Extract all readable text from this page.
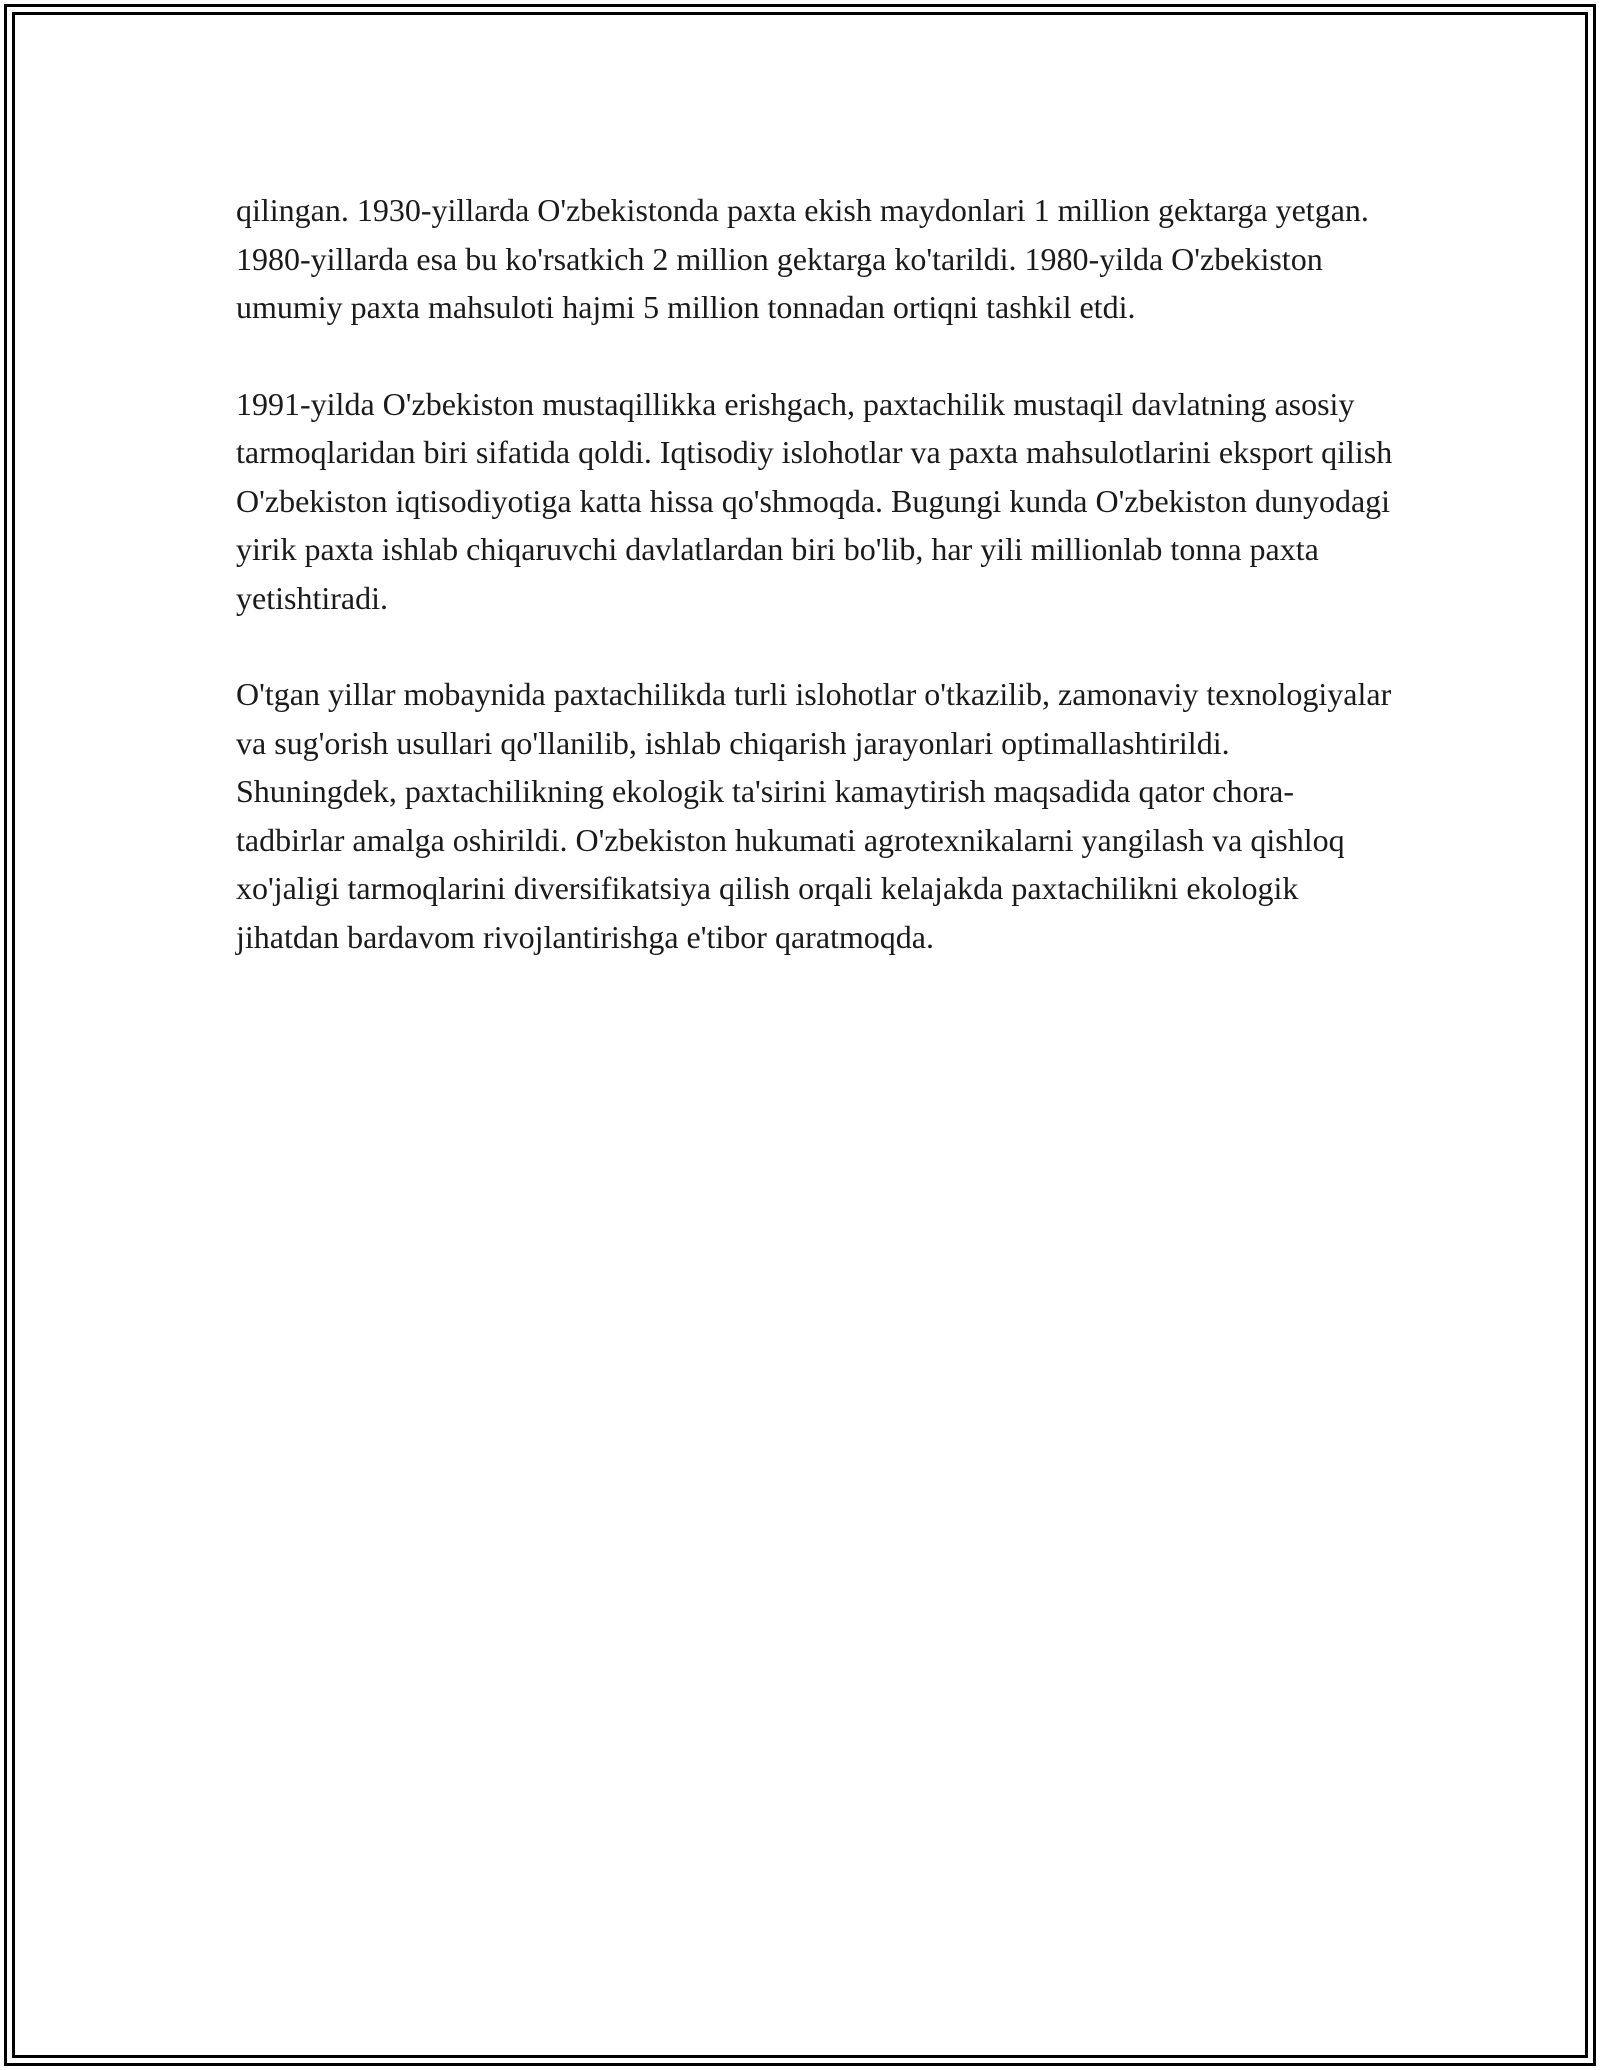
qilingan. 1930-yillarda O'zbekistonda paxta ekish maydonlari 1 million gektarga yetgan. 1980-yillarda esa bu ko'rsatkich 2 million gektarga ko'tarildi. 1980-yilda O'zbekiston umumiy paxta mahsuloti hajmi 5 million tonnadan ortiqni tashkil etdi.

1991-yilda O'zbekiston mustaqillikka erishgach, paxtachilik mustaqil davlatning asosiy tarmoqlaridan biri sifatida qoldi. Iqtisodiy islohotlar va paxta mahsulotlarini eksport qilish O'zbekiston iqtisodiyotiga katta hissa qo'shmoqda. Bugungi kunda O'zbekiston dunyodagi yirik paxta ishlab chiqaruvchi davlatlardan biri bo'lib, har yili millionlab tonna paxta yetishtiradi.

O'tgan yillar mobaynida paxtachilikda turli islohotlar o'tkazilib, zamonaviy texnologiyalar va sug'orish usullari qo'llanilib, ishlab chiqarish jarayonlari optimallashtirildi. Shuningdek, paxtachilikning ekologik ta'sirini kamaytirish maqsadida qator chora-tadbirlar amalga oshirildi. O'zbekiston hukumati agrotexnikalarni yangilash va qishloq xo'jaligi tarmoqlarini diversifikatsiya qilish orqali kelajakda paxtachilikni ekologik jihatdan bardavom rivojlantirishga e'tibor qaratmoqda.
